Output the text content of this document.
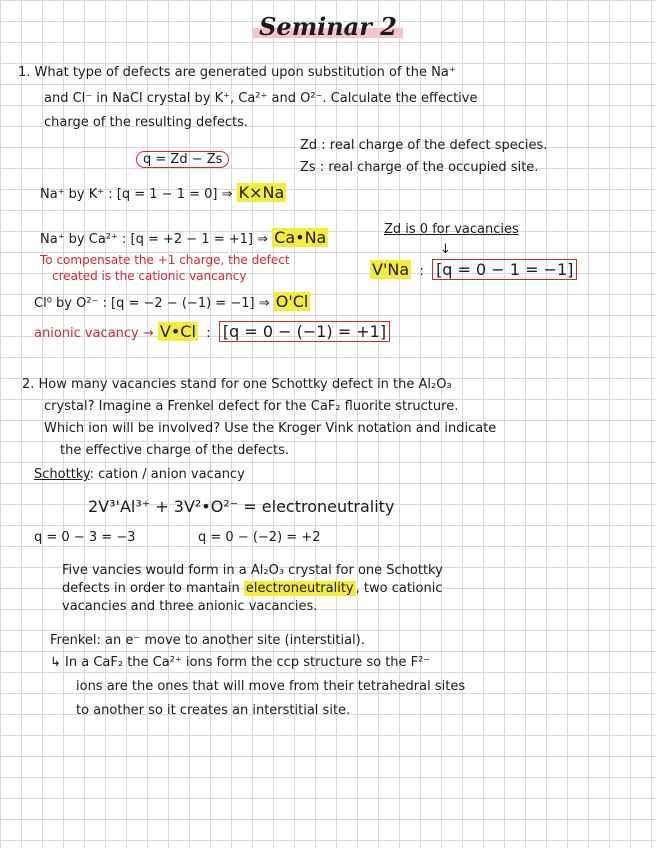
Seminar 2
1. What type of defects are generated upon substitution of the Na⁺
and Cl⁻ in NaCl crystal by K⁺, Ca²⁺ and O²⁻. Calculate the effective
charge of the resulting defects.
Zd : real charge of the defect species.
q = Zd − Zs
Zs : real charge of the occupied site.
Na⁺ by K⁺ : [q = 1 − 1 = 0] ⇒ K×Na
Na⁺ by Ca²⁺ : [q = +2 − 1 = +1] ⇒ Ca•Na	Zd is 0 for vacancies
↓
To compensate the +1 charge, the defect
created is the cationic vancancy	V'Na  :  [q = 0 − 1 = −1]
Cl⁰ by O²⁻ : [q = −2 − (−1) = −1] ⇒ O'Cl
anionic vacancy → V•Cl  :  [q = 0 − (−1) = +1]
2. How many vacancies stand for one Schottky defect in the Al₂O₃
crystal? Imagine a Frenkel defect for the CaF₂ fluorite structure.
Which ion will be involved? Use the Kroger Vink notation and indicate
the effective charge of the defects.
Schottky: cation / anion vacancy
2V³'Al³⁺ + 3V²•O²⁻ = electroneutrality
q = 0 − 3 = −3	q = 0 − (−2) = +2
Five vancies would form in a Al₂O₃ crystal for one Schottky
defects in order to mantain electroneutrality , two cationic
vacancies and three anionic vacancies.
Frenkel: an e⁻ move to another site (interstitial).
↳ In a CaF₂ the Ca²⁺ ions form the ccp structure so the F²⁻
ions are the ones that will move from their tetrahedral sites
to another so it creates an interstitial site.
